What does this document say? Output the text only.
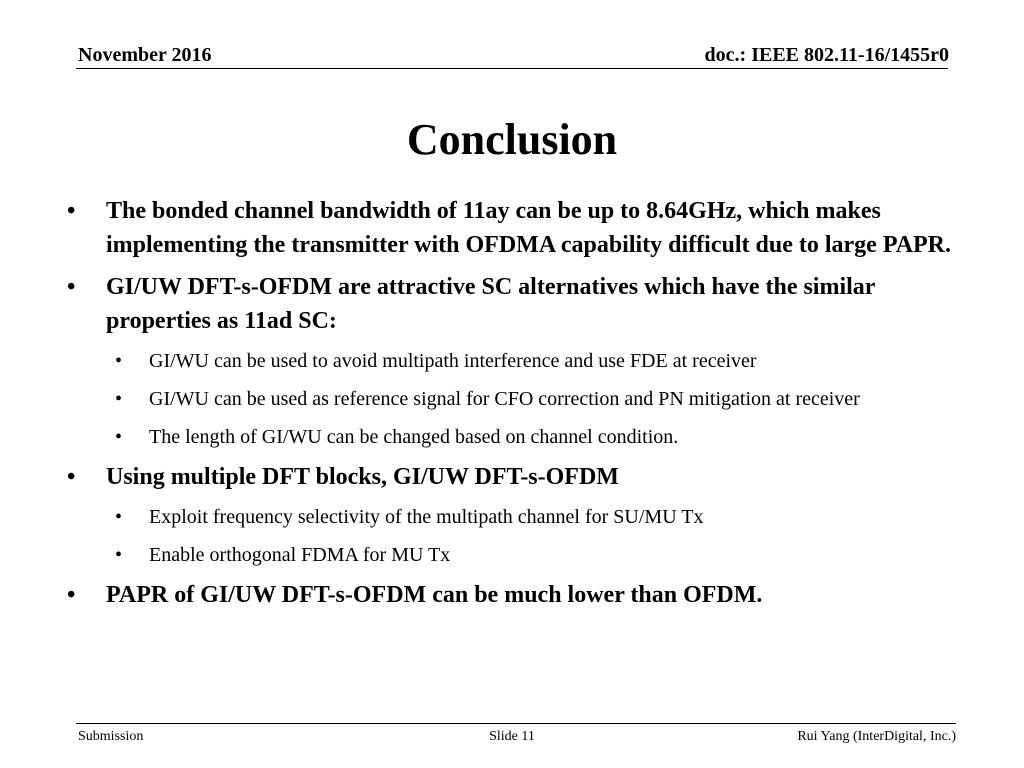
November 2016	doc.: IEEE 802.11-16/1455r0
Conclusion
• The bonded channel bandwidth of 11ay can be up to 8.64GHz, which makes implementing the transmitter with OFDMA capability difficult due to large PAPR.
• GI/UW DFT-s-OFDM are attractive SC alternatives which have the similar properties as 11ad SC:
• GI/WU can be used to avoid multipath interference and use FDE at receiver
• GI/WU can be used as reference signal for CFO correction and PN mitigation at receiver
• The length of GI/WU can be changed based on channel condition.
• Using multiple DFT blocks, GI/UW DFT-s-OFDM
• Exploit frequency selectivity of the multipath channel for SU/MU Tx
• Enable orthogonal FDMA for MU Tx
• PAPR of GI/UW DFT-s-OFDM can be much lower than OFDM.
Submission	Slide 11	Rui Yang (InterDigital, Inc.)
